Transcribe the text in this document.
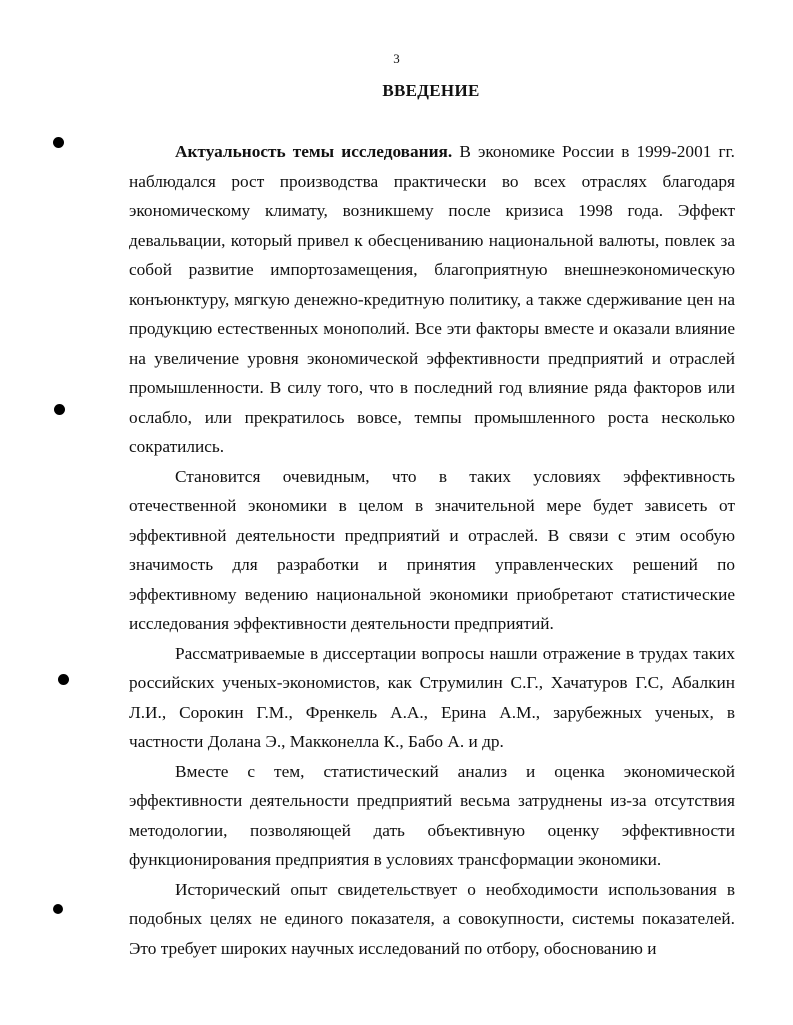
3
ВВЕДЕНИЕ

Актуальность темы исследования. В экономике России в 1999-2001 гг. наблюдался рост производства практически во всех отраслях благодаря экономическому климату, возникшему после кризиса 1998 года. Эффект девальвации, который привел к обесцениванию национальной валюты, повлек за собой развитие импортозамещения, благоприятную внешнеэкономическую конъюнктуру, мягкую денежно-кредитную политику, а также сдерживание цен на продукцию естественных монополий. Все эти факторы вместе и оказали влияние на увеличение уровня экономической эффективности предприятий и отраслей промышленности. В силу того, что в последний год влияние ряда факторов или ослабло, или прекратилось вовсе, темпы промышленного роста несколько сократились.

Становится очевидным, что в таких условиях эффективность отечественной экономики в целом в значительной мере будет зависеть от эффективной деятельности предприятий и отраслей. В связи с этим особую значимость для разработки и принятия управленческих решений по эффективному ведению национальной экономики приобретают статистические исследования эффективности деятельности предприятий.

Рассматриваемые в диссертации вопросы нашли отражение в трудах таких российских ученых-экономистов, как Струмилин С.Г., Хачатуров Г.С, Абалкин Л.И., Сорокин Г.М., Френкель А.А., Ерина А.М., зарубежных ученых, в частности Долана Э., Макконелла К., Бабо А. и др.

Вместе с тем, статистический анализ и оценка экономической эффективности деятельности предприятий весьма затруднены из-за отсутствия методологии, позволяющей дать объективную оценку эффективности функционирования предприятия в условиях трансформации экономики.

Исторический опыт свидетельствует о необходимости использования в подобных целях не единого показателя, а совокупности, системы показателей. Это требует широких научных исследований по отбору, обоснованию и
